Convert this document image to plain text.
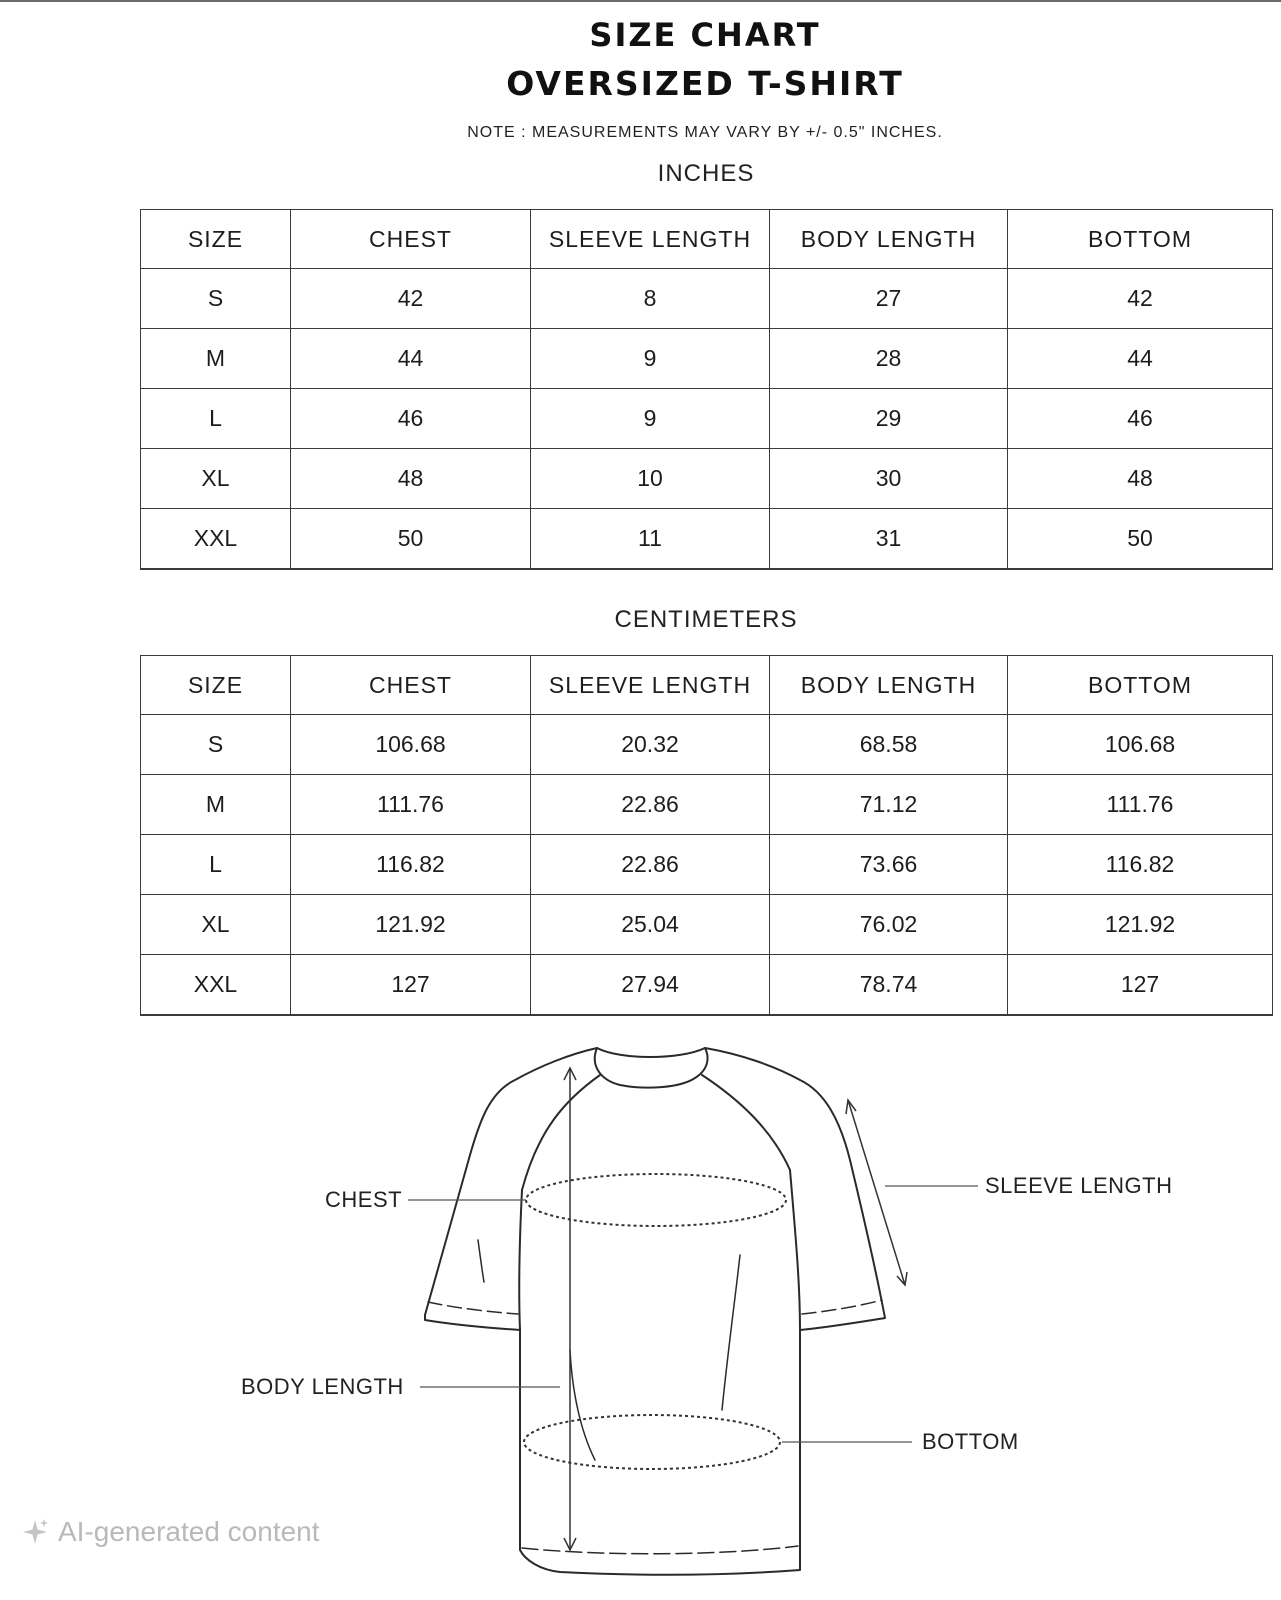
SIZE CHART
OVERSIZED T-SHIRT
NOTE : MEASUREMENTS MAY VARY BY +/- 0.5" INCHES.
INCHES
SIZE	CHEST	SLEEVE LENGTH	BODY LENGTH	BOTTOM
S	42	8	27	42
M	44	9	28	44
L	46	9	29	46
XL	48	10	30	48
XXL	50	11	31	50
CENTIMETERS
SIZE	CHEST	SLEEVE LENGTH	BODY LENGTH	BOTTOM
S	106.68	20.32	68.58	106.68
M	111.76	22.86	71.12	111.76
L	116.82	22.86	73.66	116.82
XL	121.92	25.04	76.02	121.92
XXL	127	27.94	78.74	127
CHEST
SLEEVE LENGTH
BODY LENGTH
BOTTOM
AI-generated content
